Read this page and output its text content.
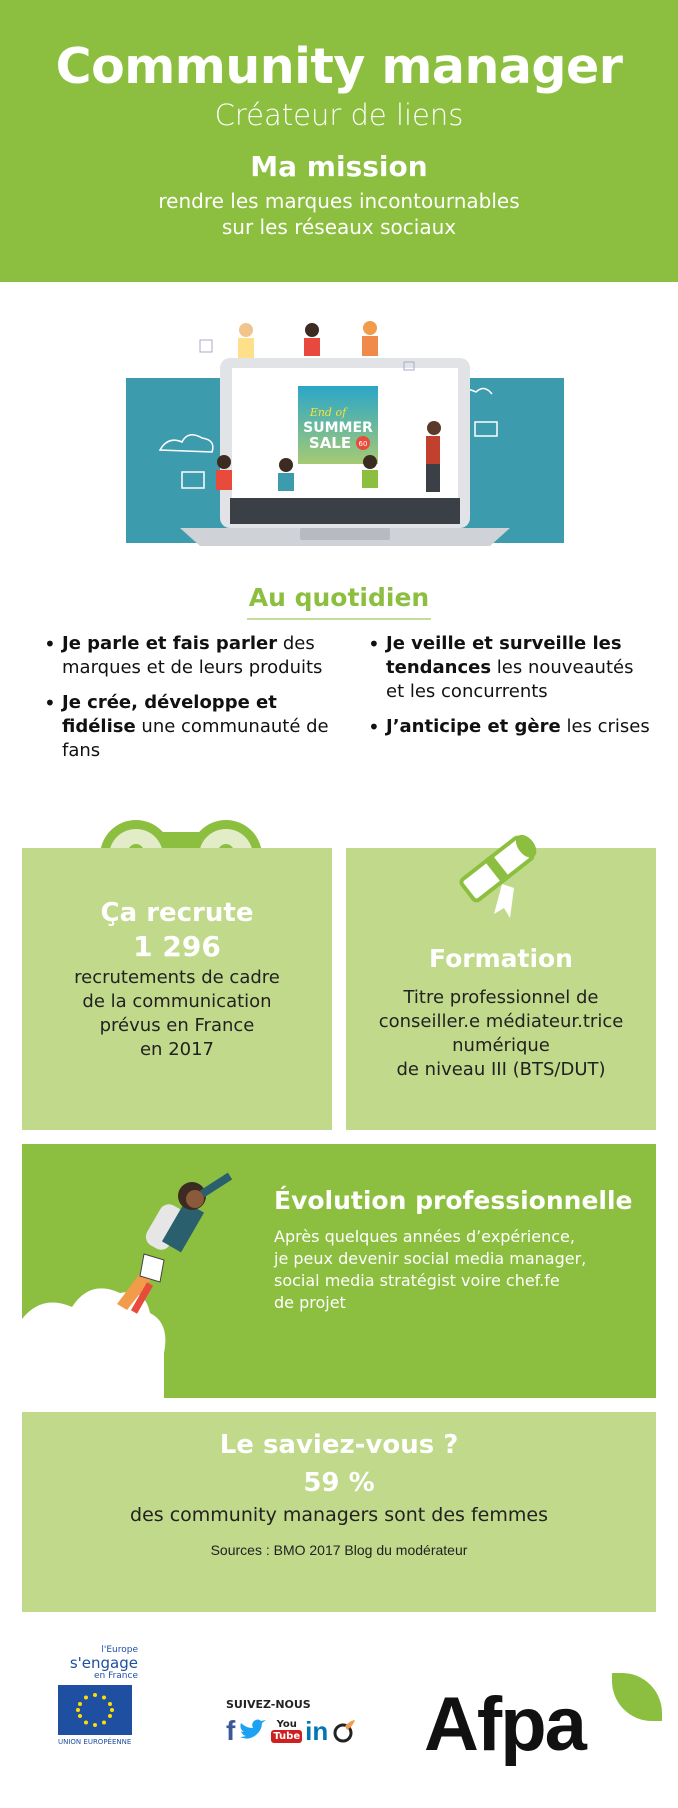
Community manager
Créateur de liens
Ma mission
rendre les marques incontournables
sur les réseaux sociaux
End of
SUMMER
SALE 60
Au quotidien
• Je parle et fais parler des marques et de leurs produits
• Je crée, développe et fidélise une communauté de fans
• Je veille et surveille les tendances les nouveautés et les concurrents
• J’anticipe et gère les crises
Ça recrute
1 296
recrutements de cadre
de la communication
prévus en France
en 2017
Formation
Titre professionnel de
conseiller.e médiateur.trice
numérique
de niveau III (BTS/DUT)
Évolution professionnelle
Après quelques années d’expérience,
je peux devenir social media manager,
social media stratégist voire chef.fe
de projet
Le saviez-vous ?
59 %
des community managers sont des femmes
Sources : BMO 2017 Blog du modérateur
l'Europe
s'engage
en France
UNION EUROPÉENNE
SUIVEZ-NOUS
f	You
Tube in Afpa
